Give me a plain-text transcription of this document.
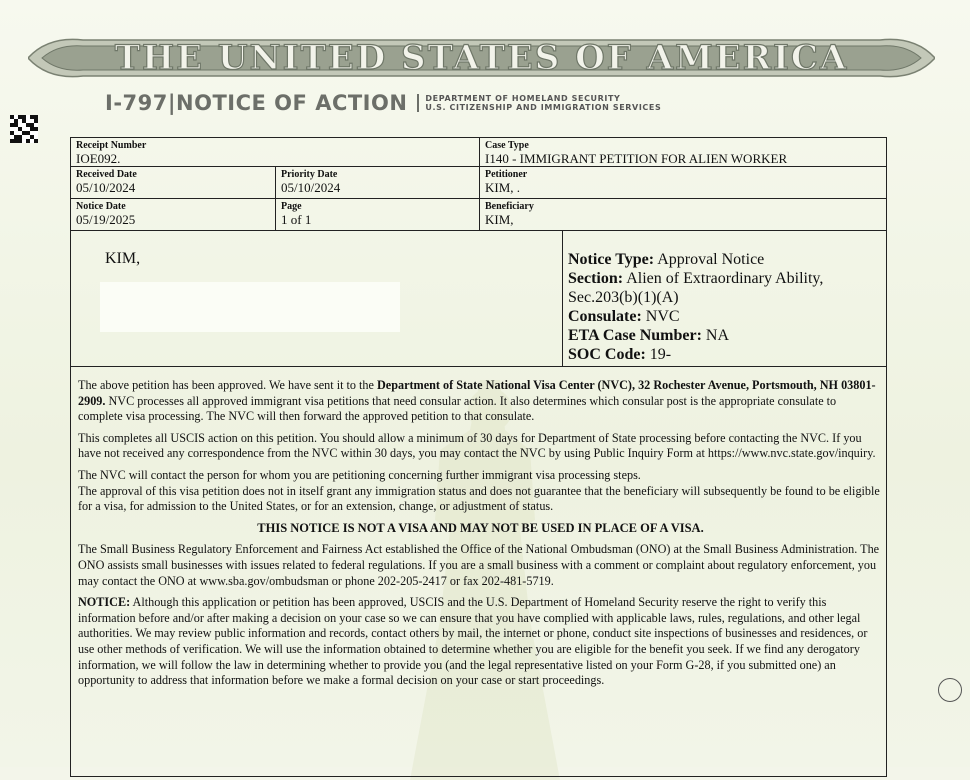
THE UNITED STATES OF AMERICA
I-797 | NOTICE OF ACTION DEPARTMENT OF HOMELAND SECURITY
U.S. CITIZENSHIP AND IMMIGRATION SERVICES
Receipt Number
IOE092.
Case Type
I140 - IMMIGRANT PETITION FOR ALIEN WORKER
Received Date
05/10/2024
Priority Date
05/10/2024
Petitioner
KIM, .
Notice Date
05/19/2025
Page
1 of 1
Beneficiary
KIM,
KIM,	Notice Type: Approval Notice
Section: Alien of Extraordinary Ability,
Sec.203(b)(1)(A)
Consulate: NVC
ETA Case Number: NA
SOC Code: 19-

The above petition has been approved. We have sent it to the Department of State National Visa Center (NVC), 32 Rochester Avenue, Portsmouth, NH 03801-2909. NVC processes all approved immigrant visa petitions that need consular action. It also determines which consular post is the appropriate consulate to complete visa processing. The NVC will then forward the approved petition to that consulate.

This completes all USCIS action on this petition. You should allow a minimum of 30 days for Department of State processing before contacting the NVC. If you have not received any correspondence from the NVC within 30 days, you may contact the NVC by using Public Inquiry Form at https://www.nvc.state.gov/inquiry.

The NVC will contact the person for whom you are petitioning concerning further immigrant visa processing steps.
The approval of this visa petition does not in itself grant any immigration status and does not guarantee that the beneficiary will subsequently be found to be eligible for a visa, for admission to the United States, or for an extension, change, or adjustment of status.

THIS NOTICE IS NOT A VISA AND MAY NOT BE USED IN PLACE OF A VISA.

The Small Business Regulatory Enforcement and Fairness Act established the Office of the National Ombudsman (ONO) at the Small Business Administration. The ONO assists small businesses with issues related to federal regulations. If you are a small business with a comment or complaint about regulatory enforcement, you may contact the ONO at www.sba.gov/ombudsman or phone 202-205-2417 or fax 202-481-5719.

NOTICE: Although this application or petition has been approved, USCIS and the U.S. Department of Homeland Security reserve the right to verify this information before and/or after making a decision on your case so we can ensure that you have complied with applicable laws, rules, regulations, and other legal authorities. We may review public information and records, contact others by mail, the internet or phone, conduct site inspections of businesses and residences, or use other methods of verification. We will use the information obtained to determine whether you are eligible for the benefit you seek. If we find any derogatory information, we will follow the law in determining whether to provide you (and the legal representative listed on your Form G-28, if you submitted one) an opportunity to address that information before we make a formal decision on your case or start proceedings.
